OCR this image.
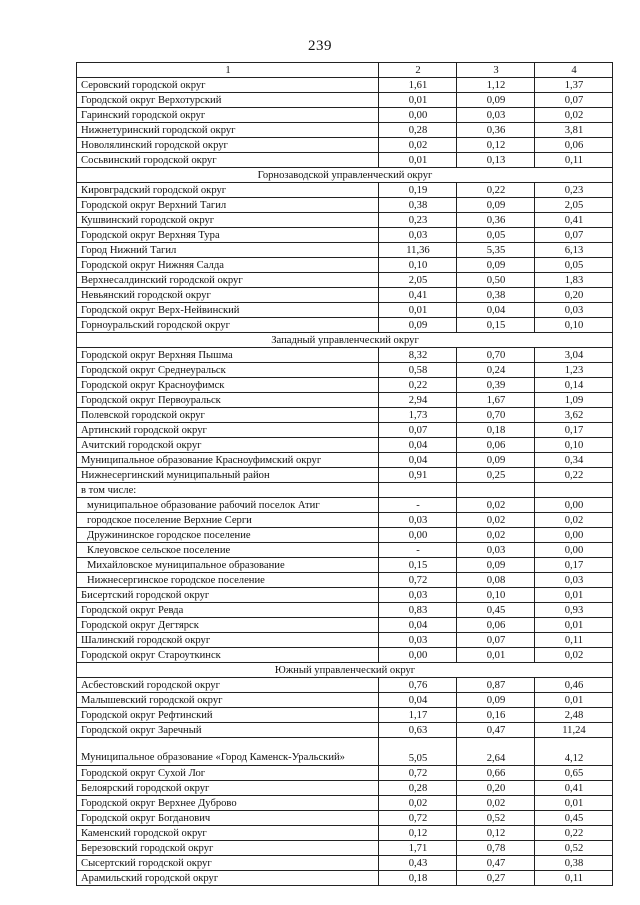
239
1	2	3	4
Серовский городской округ	1,61	1,12	1,37
Городской округ Верхотурский	0,01	0,09	0,07
Гаринский городской округ	0,00	0,03	0,02
Нижнетуринский городской округ	0,28	0,36	3,81
Новолялинский городской округ	0,02	0,12	0,06
Сосьвинский городской округ	0,01	0,13	0,11
Горнозаводской управленческий округ			
Кировградский городской округ	0,19	0,22	0,23
Городской округ Верхний Тагил	0,38	0,09	2,05
Кушвинский городской округ	0,23	0,36	0,41
Городской округ Верхняя Тура	0,03	0,05	0,07
Город Нижний Тагил	11,36	5,35	6,13
Городской округ Нижняя Салда	0,10	0,09	0,05
Верхнесалдинский городской округ	2,05	0,50	1,83
Невьянский городской округ	0,41	0,38	0,20
Городской округ Верх-Нейвинский	0,01	0,04	0,03
Горноуральский городской округ	0,09	0,15	0,10
Западный управленческий округ			
Городской округ Верхняя Пышма	8,32	0,70	3,04
Городской округ Среднеуральск	0,58	0,24	1,23
Городской округ Красноуфимск	0,22	0,39	0,14
Городской округ Первоуральск	2,94	1,67	1,09
Полевской городской округ	1,73	0,70	3,62
Артинский городской округ	0,07	0,18	0,17
Ачитский городской округ	0,04	0,06	0,10
Муниципальное образование Красноуфимский округ	0,04	0,09	0,34
Нижнесергинский муниципальный район	0,91	0,25	0,22
в том числе:			
муниципальное образование рабочий поселок Атиг	-	0,02	0,00
городское поселение Верхние Серги	0,03	0,02	0,02
Дружининское городское поселение	0,00	0,02	0,00
Клеyовское сельское поселение	-	0,03	0,00
Михайловское муниципальное образование	0,15	0,09	0,17
Нижнесергинское городское поселение	0,72	0,08	0,03
Бисертский городской округ	0,03	0,10	0,01
Городской округ Ревда	0,83	0,45	0,93
Городской округ Дегтярск	0,04	0,06	0,01
Шалинский городской округ	0,03	0,07	0,11
Городской округ Староуткинск	0,00	0,01	0,02
Южный управленческий округ			
Асбестовский городской округ	0,76	0,87	0,46
Малышевский городской округ	0,04	0,09	0,01
Городской округ Рефтинский	1,17	0,16	2,48
Городской округ Заречный	0,63	0,47	11,24
Муниципальное образование «Город Каменск-Уральский»	5,05	2,64	4,12
Городской округ Сухой Лог	0,72	0,66	0,65
Белоярский городской округ	0,28	0,20	0,41
Городской округ Верхнее Дуброво	0,02	0,02	0,01
Городской округ Богданович	0,72	0,52	0,45
Каменский городской округ	0,12	0,12	0,22
Березовский городской округ	1,71	0,78	0,52
Сысертский городской округ	0,43	0,47	0,38
Арамильский городской округ	0,18	0,27	0,11
